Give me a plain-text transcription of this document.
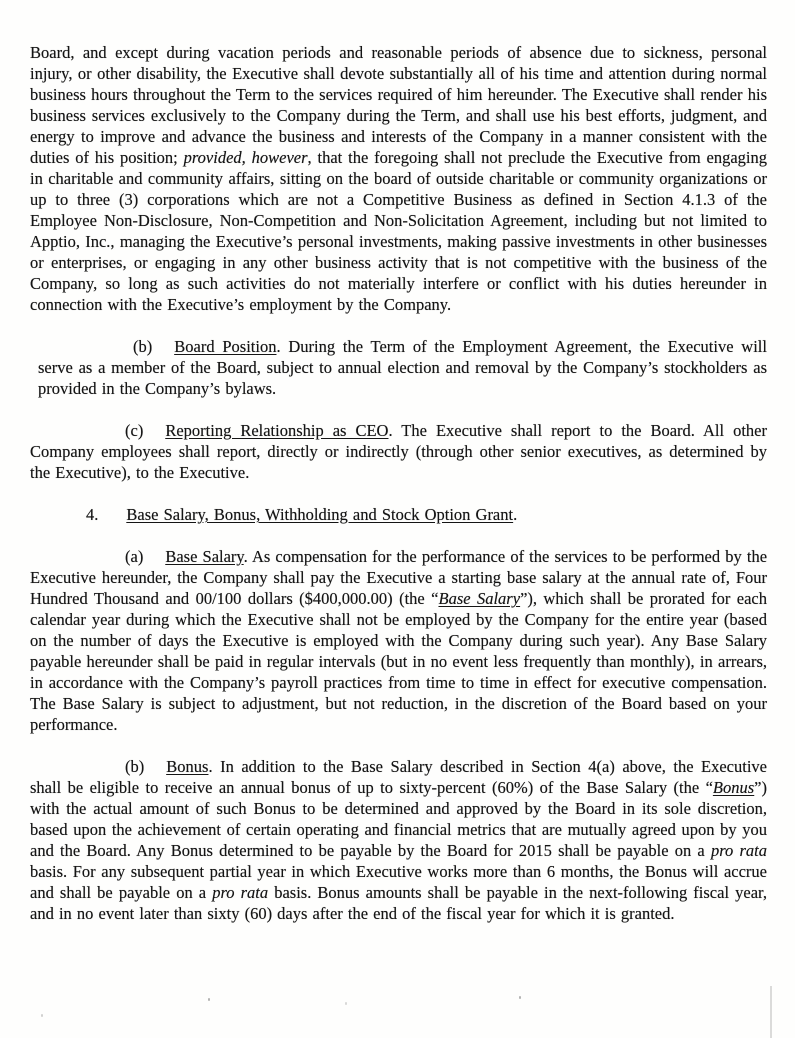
Board, and except during vacation periods and reasonable periods of absence due to sickness, personal injury, or other disability, the Executive shall devote substantially all of his time and attention during normal business hours throughout the Term to the services required of him hereunder. The Executive shall render his business services exclusively to the Company during the Term, and shall use his best efforts, judgment, and energy to improve and advance the business and interests of the Company in a manner consistent with the duties of his position; provided, however, that the foregoing shall not preclude the Executive from engaging in charitable and community affairs, sitting on the board of outside charitable or community organizations or up to three (3) corporations which are not a Competitive Business as defined in Section 4.1.3 of the Employee Non-Disclosure, Non-Competition and Non-Solicitation Agreement, including but not limited to Apptio, Inc., managing the Executive’s personal investments, making passive investments in other businesses or enterprises, or engaging in any other business activity that is not competitive with the business of the Company, so long as such activities do not materially interfere or conflict with his duties hereunder in connection with the Executive’s employment by the Company.

(b) Board Position. During the Term of the Employment Agreement, the Executive will serve as a member of the Board, subject to annual election and removal by the Company’s stockholders as provided in the Company’s bylaws.

(c) Reporting Relationship as CEO. The Executive shall report to the Board. All other Company employees shall report, directly or indirectly (through other senior executives, as determined by the Executive), to the Executive.

4. Base Salary, Bonus, Withholding and Stock Option Grant.

(a) Base Salary. As compensation for the performance of the services to be performed by the Executive hereunder, the Company shall pay the Executive a starting base salary at the annual rate of, Four Hundred Thousand and 00/100 dollars ($400,000.00) (the “Base Salary”), which shall be prorated for each calendar year during which the Executive shall not be employed by the Company for the entire year (based on the number of days the Executive is employed with the Company during such year). Any Base Salary payable hereunder shall be paid in regular intervals (but in no event less frequently than monthly), in arrears, in accordance with the Company’s payroll practices from time to time in effect for executive compensation. The Base Salary is subject to adjustment, but not reduction, in the discretion of the Board based on your performance.

(b) Bonus. In addition to the Base Salary described in Section 4(a) above, the Executive shall be eligible to receive an annual bonus of up to sixty-percent (60%) of the Base Salary (the “Bonus”) with the actual amount of such Bonus to be determined and approved by the Board in its sole discretion, based upon the achievement of certain operating and financial metrics that are mutually agreed upon by you and the Board. Any Bonus determined to be payable by the Board for 2015 shall be payable on a pro rata basis. For any subsequent partial year in which Executive works more than 6 months, the Bonus will accrue and shall be payable on a pro rata basis. Bonus amounts shall be payable in the next-following fiscal year, and in no event later than sixty (60) days after the end of the fiscal year for which it is granted.
